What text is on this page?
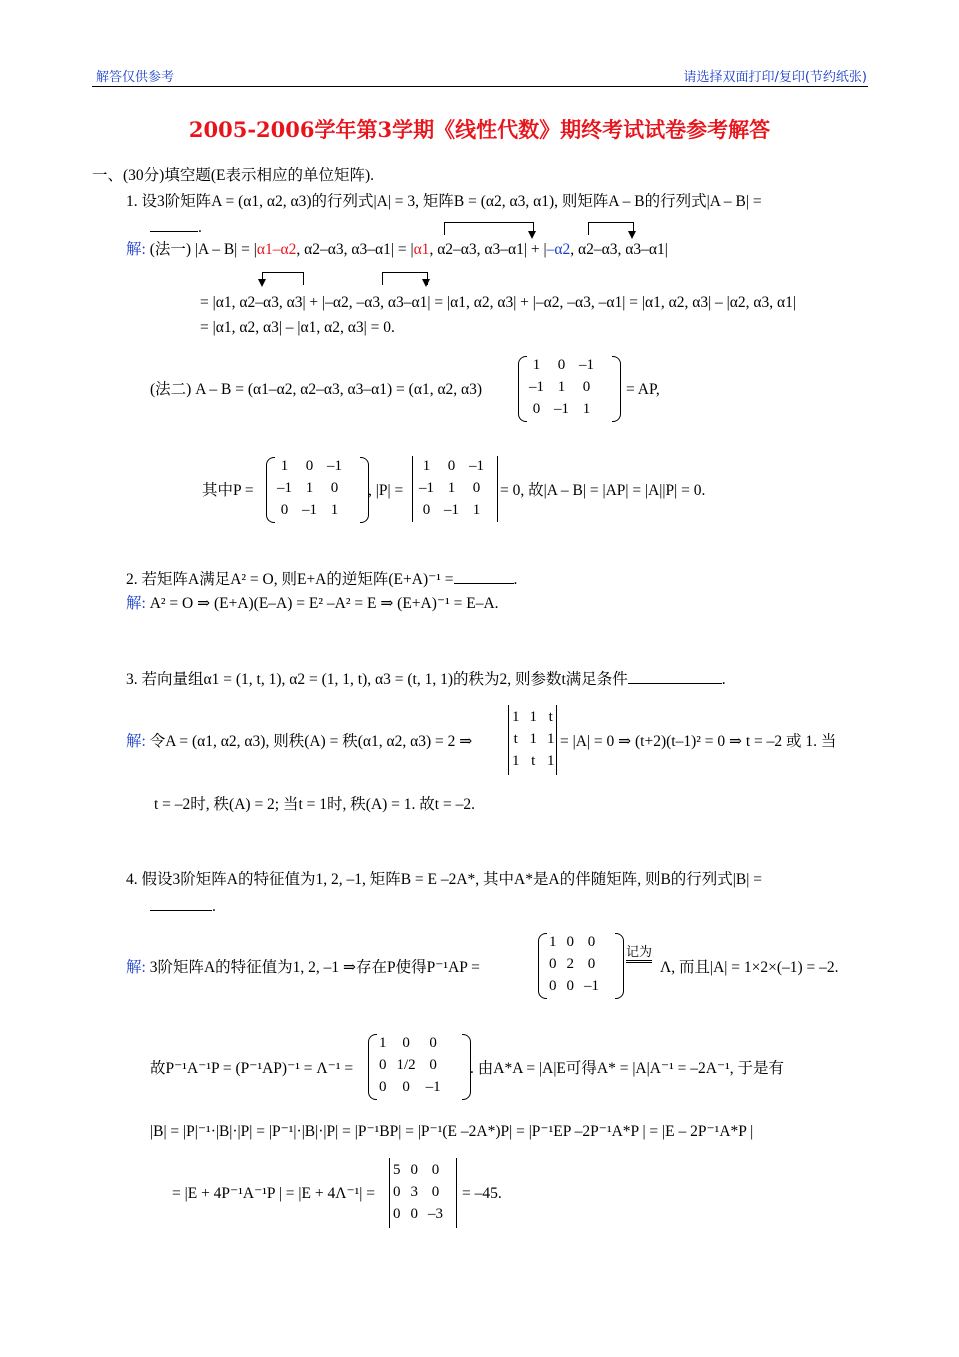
解答仅供参考	请选择双面打印/复印(节约纸张)
2005-2006学年第3学期《线性代数》期终考试试卷参考解答
一、(30分)填空题(E表示相应的单位矩阵).
1. 设3阶矩阵A = (α1, α2, α3)的行列式|A| = 3, 矩阵B = (α2, α3, α1), 则矩阵A – B的行列式|A – B| =
.
解: (法一) |A – B| = |α1–α2, α2–α3, α3–α1| = |α1, α2–α3, α3–α1| + |–α2, α2–α3, α3–α1|
= |α1, α2–α3, α3| + |–α2, –α3, α3–α1| = |α1, α2, α3| + |–α2, –α3, –α1| = |α1, α2, α3| – |α2, α3, α1|
= |α1, α2, α3| – |α1, α2, α3| = 0.
(法二) A – B = (α1–α2, α2–α3, α3–α1) = (α1, α2, α3)
1	0	–1
–1	1	0
0	–1	1
= AP,
其中P =
1	0	–1
–1	1	0
0	–1	1
, |P| =
1	0	–1
–1	1	0
0	–1	1
= 0, 故|A – B| = |AP| = |A||P| = 0.
2. 若矩阵A满足A² = O, 则E+A的逆矩阵(E+A)⁻¹ =	.
解: A² = O ⇒ (E+A)(E–A) = E² –A² = E ⇒ (E+A)⁻¹ = E–A.
3. 若向量组α1 = (1, t, 1), α2 = (1, 1, t), α3 = (t, 1, 1)的秩为2, 则参数t满足条件	.
解: 令A = (α1, α2, α3), 则秩(A) = 秩(α1, α2, α3) = 2 ⇒
1	1	t
t	1	1
1	t	1
= |A| = 0 ⇒ (t+2)(t–1)² = 0 ⇒ t = –2 或 1. 当
t = –2时, 秩(A) = 2; 当t = 1时, 秩(A) = 1. 故t = –2.
4. 假设3阶矩阵A的特征值为1, 2, –1, 矩阵B = E –2A*, 其中A*是A的伴随矩阵, 则B的行列式|B| =
.
解: 3阶矩阵A的特征值为1, 2, –1 ⇒存在P使得P⁻¹AP =
1	0	0
0	2	0
0	0	–1
记为
Λ, 而且|A| = 1×2×(–1) = –2.
故P⁻¹A⁻¹P = (P⁻¹AP)⁻¹ = Λ⁻¹ =
1	0	0
0	1/2	0
0	0	–1
. 由A*A = |A|E可得A* = |A|A⁻¹ = –2A⁻¹, 于是有
|B| = |P|⁻¹·|B|·|P| = |P⁻¹|·|B|·|P| = |P⁻¹BP| = |P⁻¹(E –2A*)P| = |P⁻¹EP –2P⁻¹A*P | = |E – 2P⁻¹A*P |
= |E + 4P⁻¹A⁻¹P | = |E + 4Λ⁻¹| =
5	0	0
0	3	0
0	0	–3
= –45.
